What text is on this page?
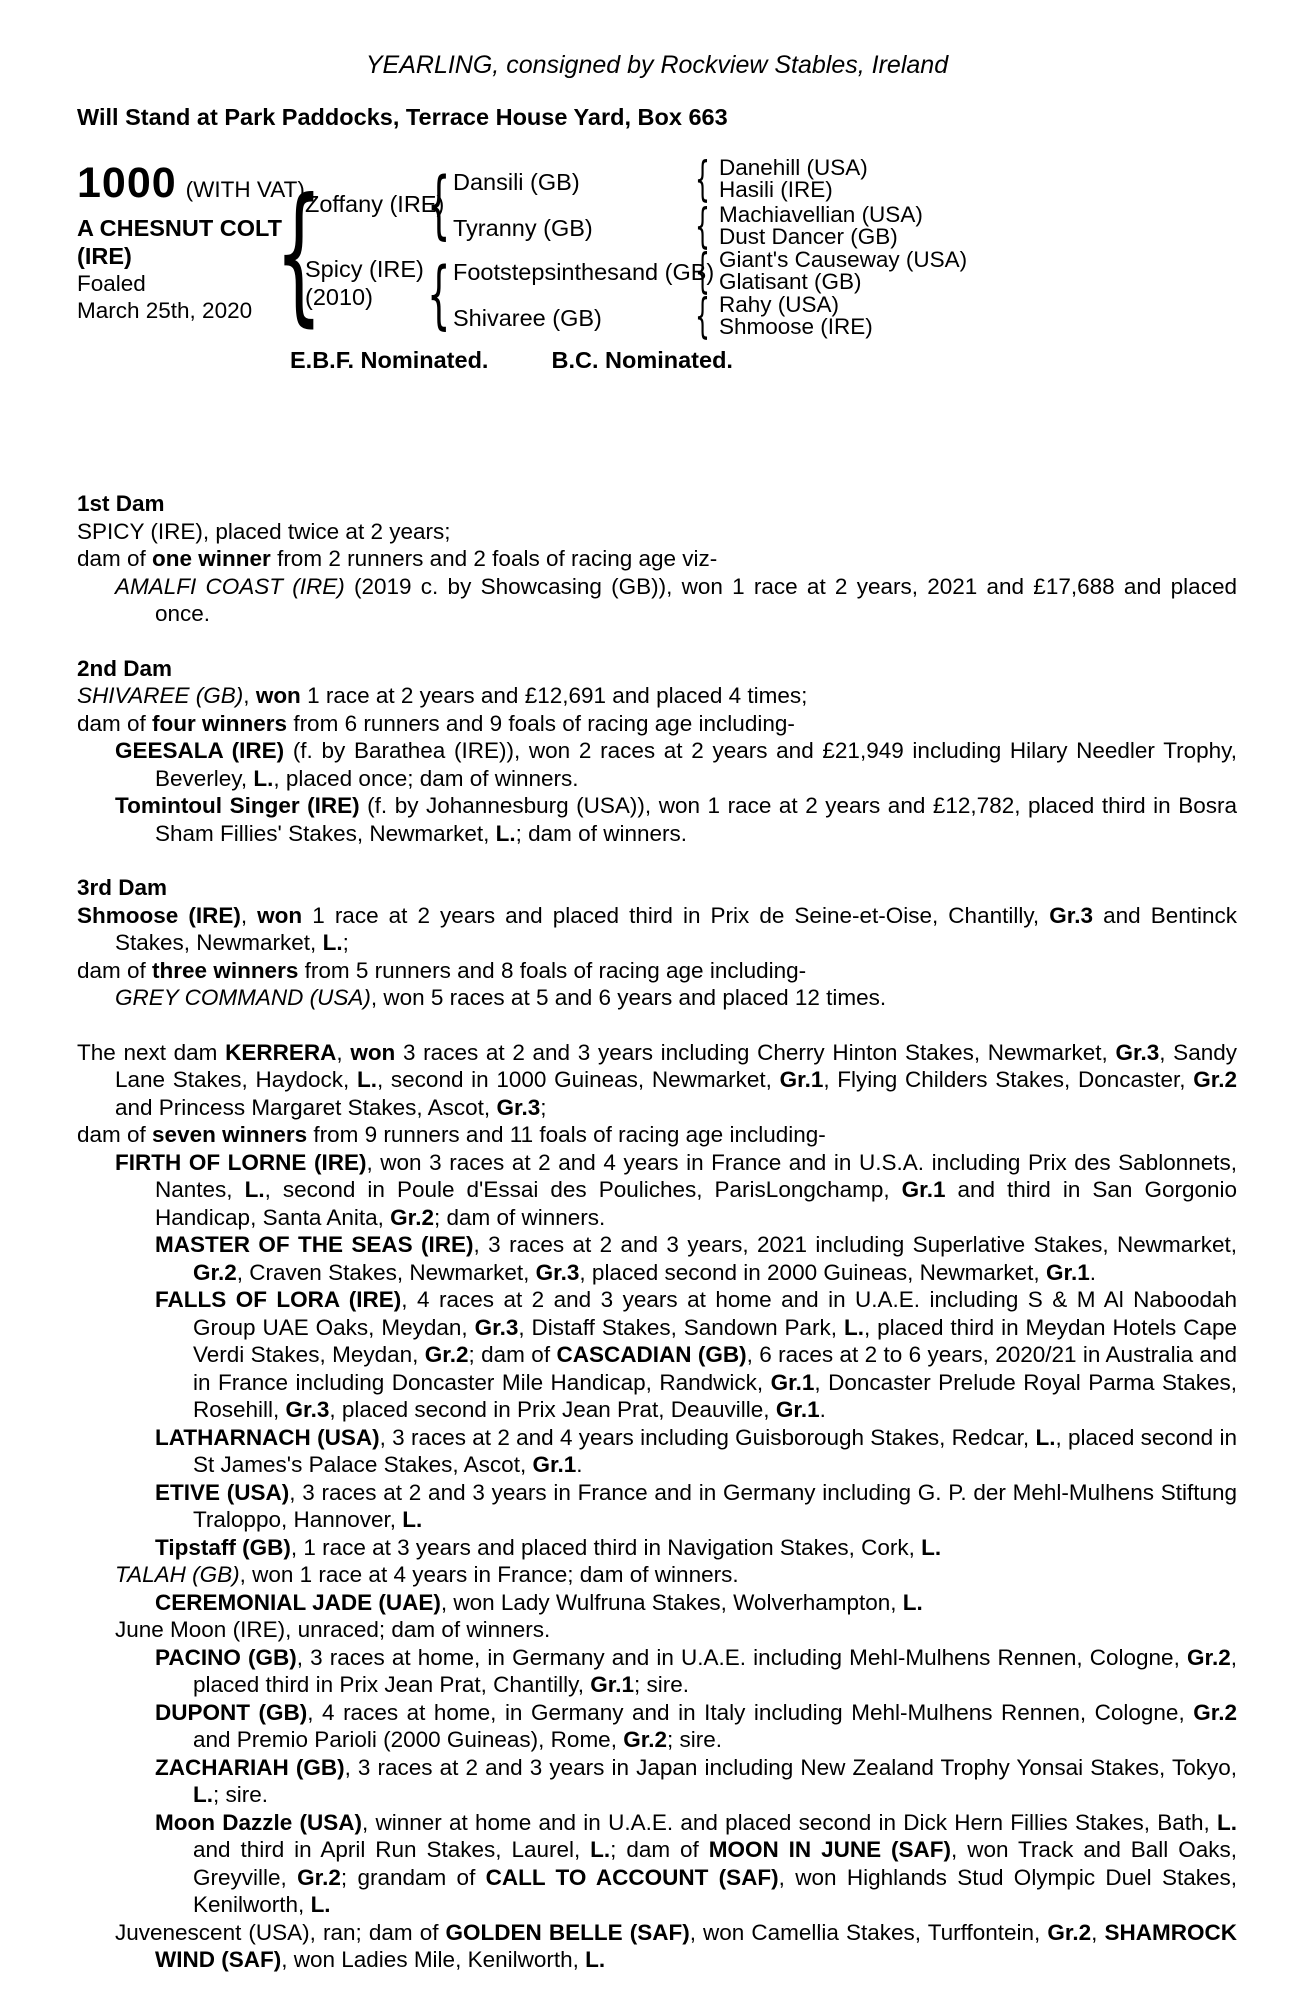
YEARLING, consigned by Rockview Stables, Ireland
Will Stand at Park Paddocks, Terrace House Yard, Box 663
1000 (WITH VAT)
A CHESNUT COLT
(IRE)
Foaled
March 25th, 2020
{
Zoffany (IRE)
Spicy (IRE)
(2010)
{
{
Dansili (GB)
Tyranny (GB)
Footstepsinthesand (GB)
Shivaree (GB)
{
{
{
{
Danehill (USA)
Hasili (IRE)
Machiavellian (USA)
Dust Dancer (GB)
Giant's Causeway (USA)
Glatisant (GB)
Rahy (USA)
Shmoose (IRE)
E.B.F. Nominated.	B.C. Nominated.
1st Dam
SPICY (IRE), placed twice at 2 years;
dam of one winner from 2 runners and 2 foals of racing age viz-
AMALFI COAST (IRE) (2019 c. by Showcasing (GB)), won 1 race at 2 years, 2021 and £17,688 and placed once.
2nd Dam
SHIVAREE (GB), won 1 race at 2 years and £12,691 and placed 4 times;
dam of four winners from 6 runners and 9 foals of racing age including-
GEESALA (IRE) (f. by Barathea (IRE)), won 2 races at 2 years and £21,949 including Hilary Needler Trophy, Beverley, L., placed once; dam of winners.
Tomintoul Singer (IRE) (f. by Johannesburg (USA)), won 1 race at 2 years and £12,782, placed third in Bosra Sham Fillies' Stakes, Newmarket, L.; dam of winners.
3rd Dam
Shmoose (IRE), won 1 race at 2 years and placed third in Prix de Seine-et-Oise, Chantilly, Gr.3 and Bentinck Stakes, Newmarket, L.;
dam of three winners from 5 runners and 8 foals of racing age including-
GREY COMMAND (USA), won 5 races at 5 and 6 years and placed 12 times.
The next dam KERRERA, won 3 races at 2 and 3 years including Cherry Hinton Stakes, Newmarket, Gr.3, Sandy Lane Stakes, Haydock, L., second in 1000 Guineas, Newmarket, Gr.1, Flying Childers Stakes, Doncaster, Gr.2 and Princess Margaret Stakes, Ascot, Gr.3;
dam of seven winners from 9 runners and 11 foals of racing age including-
FIRTH OF LORNE (IRE), won 3 races at 2 and 4 years in France and in U.S.A. including Prix des Sablonnets, Nantes, L., second in Poule d'Essai des Pouliches, ParisLongchamp, Gr.1 and third in San Gorgonio Handicap, Santa Anita, Gr.2; dam of winners.
MASTER OF THE SEAS (IRE), 3 races at 2 and 3 years, 2021 including Superlative Stakes, Newmarket, Gr.2, Craven Stakes, Newmarket, Gr.3, placed second in 2000 Guineas, Newmarket, Gr.1.
FALLS OF LORA (IRE), 4 races at 2 and 3 years at home and in U.A.E. including S & M Al Naboodah Group UAE Oaks, Meydan, Gr.3, Distaff Stakes, Sandown Park, L., placed third in Meydan Hotels Cape Verdi Stakes, Meydan, Gr.2; dam of CASCADIAN (GB), 6 races at 2 to 6 years, 2020/21 in Australia and in France including Doncaster Mile Handicap, Randwick, Gr.1, Doncaster Prelude Royal Parma Stakes, Rosehill, Gr.3, placed second in Prix Jean Prat, Deauville, Gr.1.
LATHARNACH (USA), 3 races at 2 and 4 years including Guisborough Stakes, Redcar, L., placed second in St James's Palace Stakes, Ascot, Gr.1.
ETIVE (USA), 3 races at 2 and 3 years in France and in Germany including G. P. der Mehl-Mulhens Stiftung Traloppo, Hannover, L.
Tipstaff (GB), 1 race at 3 years and placed third in Navigation Stakes, Cork, L.
TALAH (GB), won 1 race at 4 years in France; dam of winners.
CEREMONIAL JADE (UAE), won Lady Wulfruna Stakes, Wolverhampton, L.
June Moon (IRE), unraced; dam of winners.
PACINO (GB), 3 races at home, in Germany and in U.A.E. including Mehl-Mulhens Rennen, Cologne, Gr.2, placed third in Prix Jean Prat, Chantilly, Gr.1; sire.
DUPONT (GB), 4 races at home, in Germany and in Italy including Mehl-Mulhens Rennen, Cologne, Gr.2 and Premio Parioli (2000 Guineas), Rome, Gr.2; sire.
ZACHARIAH (GB), 3 races at 2 and 3 years in Japan including New Zealand Trophy Yonsai Stakes, Tokyo, L.; sire.
Moon Dazzle (USA), winner at home and in U.A.E. and placed second in Dick Hern Fillies Stakes, Bath, L. and third in April Run Stakes, Laurel, L.; dam of MOON IN JUNE (SAF), won Track and Ball Oaks, Greyville, Gr.2; grandam of CALL TO ACCOUNT (SAF), won Highlands Stud Olympic Duel Stakes, Kenilworth, L.
Juvenescent (USA), ran; dam of GOLDEN BELLE (SAF), won Camellia Stakes, Turffontein, Gr.2, SHAMROCK WIND (SAF), won Ladies Mile, Kenilworth, L.
